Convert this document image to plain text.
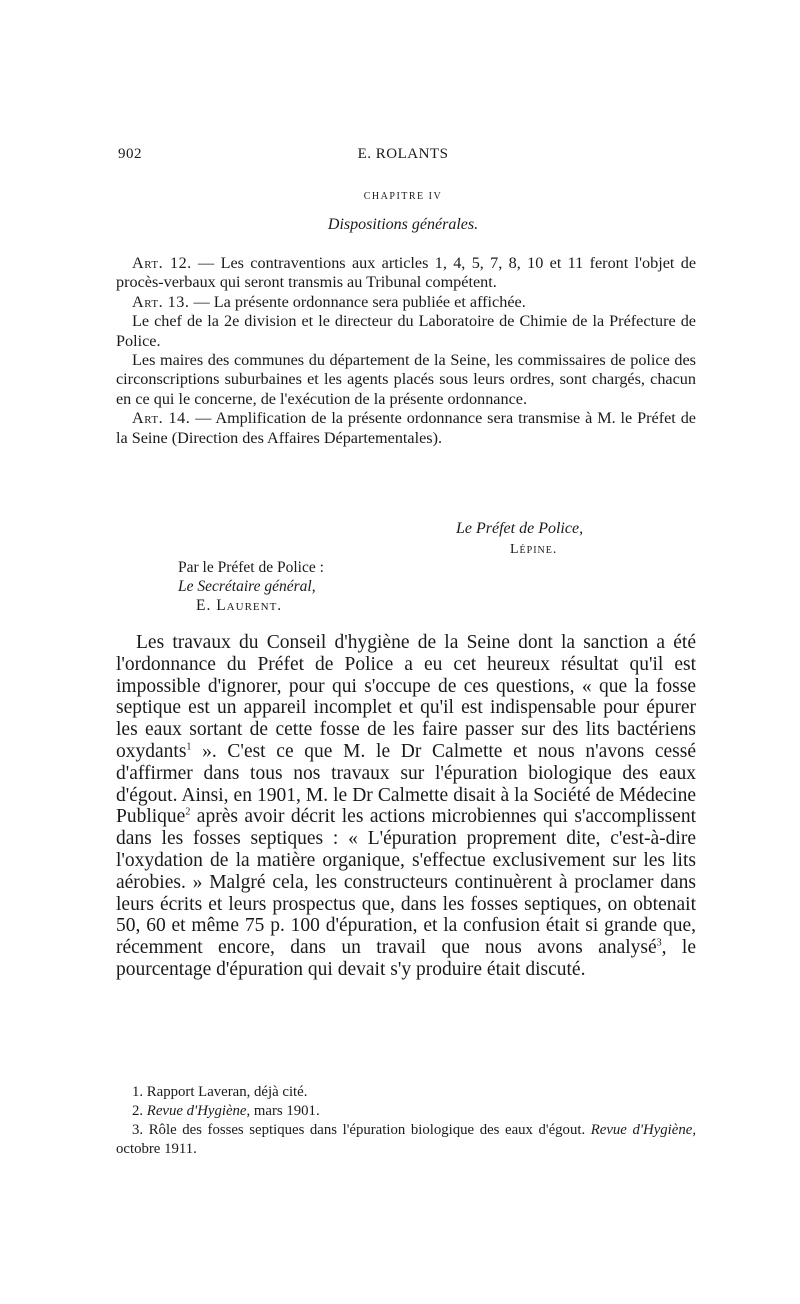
902	E. ROLANTS
CHAPITRE IV
Dispositions générales.

Art. 12. — Les contraventions aux articles 1, 4, 5, 7, 8, 10 et 11 feront l'objet de procès-verbaux qui seront transmis au Tribunal compétent.

Art. 13. — La présente ordonnance sera publiée et affichée.

Le chef de la 2e division et le directeur du Laboratoire de Chimie de la Préfecture de Police.

Les maires des communes du département de la Seine, les commissaires de police des circonscriptions suburbaines et les agents placés sous leurs ordres, sont chargés, chacun en ce qui le concerne, de l'exécution de la présente ordonnance.

Art. 14. — Amplification de la présente ordonnance sera transmise à M. le Préfet de la Seine (Direction des Affaires Départementales).

Le Préfet de Police,
Lépine.
Par le Préfet de Police :
Le Secrétaire général,
E. Laurent.

Les travaux du Conseil d'hygiène de la Seine dont la sanction a été l'ordonnance du Préfet de Police a eu cet heureux résultat qu'il est impossible d'ignorer, pour qui s'occupe de ces questions, « que la fosse septique est un appareil incomplet et qu'il est indispensable pour épurer les eaux sortant de cette fosse de les faire passer sur des lits bactériens oxydants$^1$ ». C'est ce que M. le Dr Calmette et nous n'avons cessé d'affirmer dans tous nos travaux sur l'épuration biologique des eaux d'égout. Ainsi, en 1901, M. le Dr Calmette disait à la Société de Médecine Publique$^2$ après avoir décrit les actions microbiennes qui s'accomplissent dans les fosses septiques : « L'épuration proprement dite, c'est-à-dire l'oxydation de la matière organique, s'effectue exclusivement sur les lits aérobies. » Malgré cela, les constructeurs continuèrent à proclamer dans leurs écrits et leurs prospectus que, dans les fosses septiques, on obtenait 50, 60 et même 75 p. 100 d'épuration, et la confusion était si grande que, récemment encore, dans un travail que nous avons analysé$^3$, le pourcentage d'épuration qui devait s'y produire était discuté.

1. Rapport Laveran, déjà cité.

2. Revue d'Hygiène, mars 1901.

3. Rôle des fosses septiques dans l'épuration biologique des eaux d'égout. Revue d'Hygiène, octobre 1911.
